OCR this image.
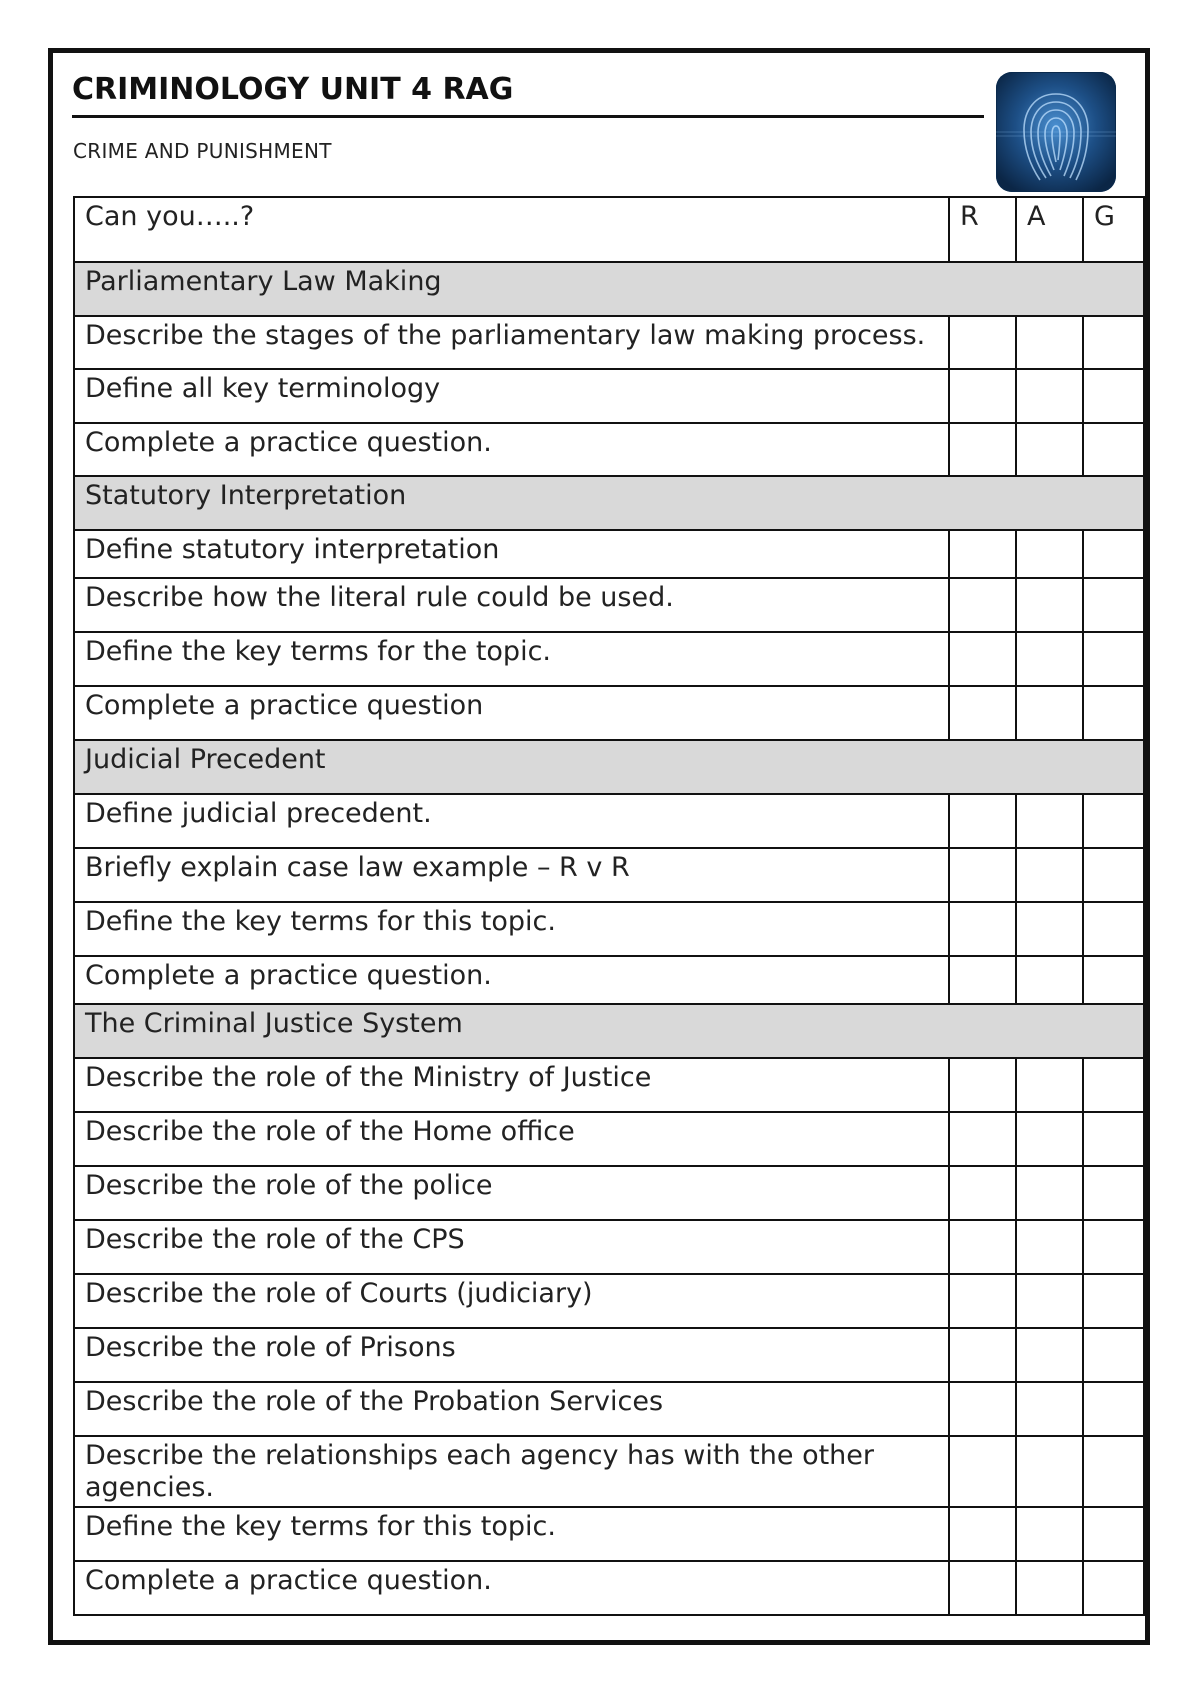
CRIMINOLOGY UNIT 4 RAG
CRIME AND PUNISHMENT
Can you…..?	R	A	G
Parliamentary Law Making			
Describe the stages of the parliamentary law making process.			
Define all key terminology			
Complete a practice question.			
Statutory Interpretation			
Define statutory interpretation			
Describe how the literal rule could be used.			
Define the key terms for the topic.			
Complete a practice question			
Judicial Precedent			
Define judicial precedent.			
Briefly explain case law example – R v R			
Define the key terms for this topic.			
Complete a practice question.			
The Criminal Justice System			
Describe the role of the Ministry of Justice			
Describe the role of the Home office			
Describe the role of the police			
Describe the role of the CPS			
Describe the role of Courts (judiciary)			
Describe the role of Prisons			
Describe the role of the Probation Services			
Describe the relationships each agency has with the other agencies.			
Define the key terms for this topic.			
Complete a practice question.			
